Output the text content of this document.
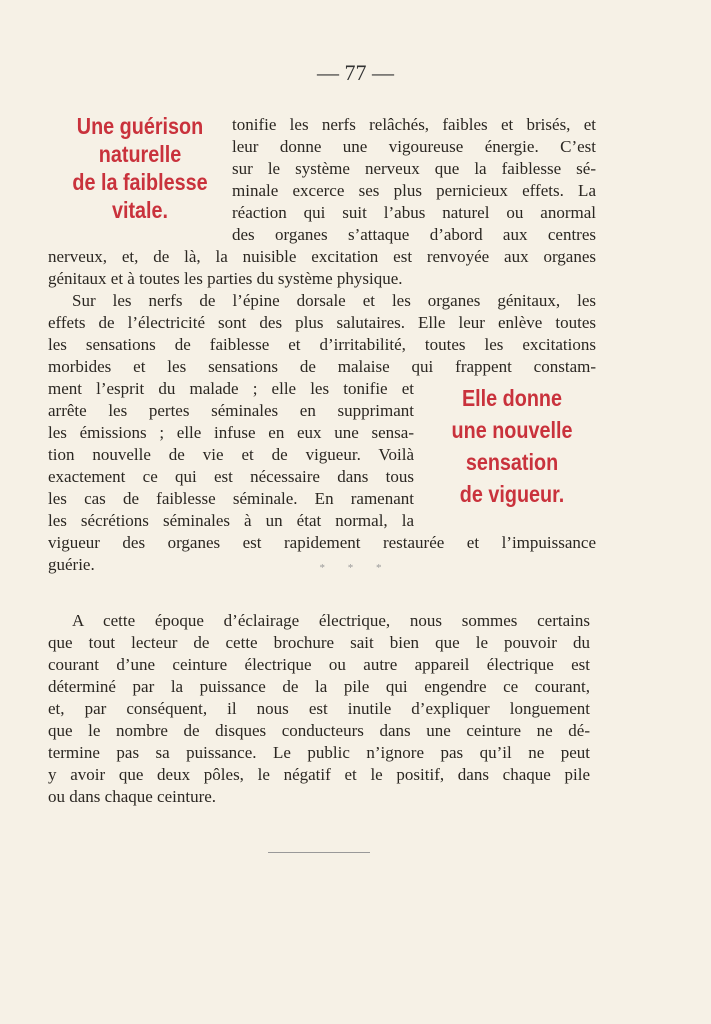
— 77 —
Une guérison
naturelle
de la faiblesse
vitale.
tonifie les nerfs relâchés, faibles et brisés, et
leur donne une vigoureuse énergie. C’est
sur le système nerveux que la faiblesse sé-
minale excerce ses plus pernicieux effets. La
réaction qui suit l’abus naturel ou anormal
des organes s’attaque d’abord aux centres
nerveux, et, de là, la nuisible excitation est renvoyée aux organes
génitaux et à toutes les parties du système physique.
Sur les nerfs de l’épine dorsale et les organes génitaux, les
effets de l’électricité sont des plus salutaires. Elle leur enlève toutes
les sensations de faiblesse et d’irritabilité, toutes les excitations
morbides et les sensations de malaise qui frappent constam-
ment l’esprit du malade ; elle les tonifie et
arrête les pertes séminales en supprimant
les émissions ; elle infuse en eux une sensa-
tion nouvelle de vie et de vigueur. Voilà
exactement ce qui est nécessaire dans tous
les cas de faiblesse séminale. En ramenant
les sécrétions séminales à un état normal, la
Elle donne
une nouvelle
sensation
de vigueur.
vigueur des organes est rapidement restaurée et l’impuissance
guérie.	* * *
A cette époque d’éclairage électrique, nous sommes certains
que tout lecteur de cette brochure sait bien que le pouvoir du
courant d’une ceinture électrique ou autre appareil électrique est
déterminé par la puissance de la pile qui engendre ce courant,
et, par conséquent, il nous est inutile d’expliquer longuement
que le nombre de disques conducteurs dans une ceinture ne dé-
termine pas sa puissance. Le public n’ignore pas qu’il ne peut
y avoir que deux pôles, le négatif et le positif, dans chaque pile
ou dans chaque ceinture.
